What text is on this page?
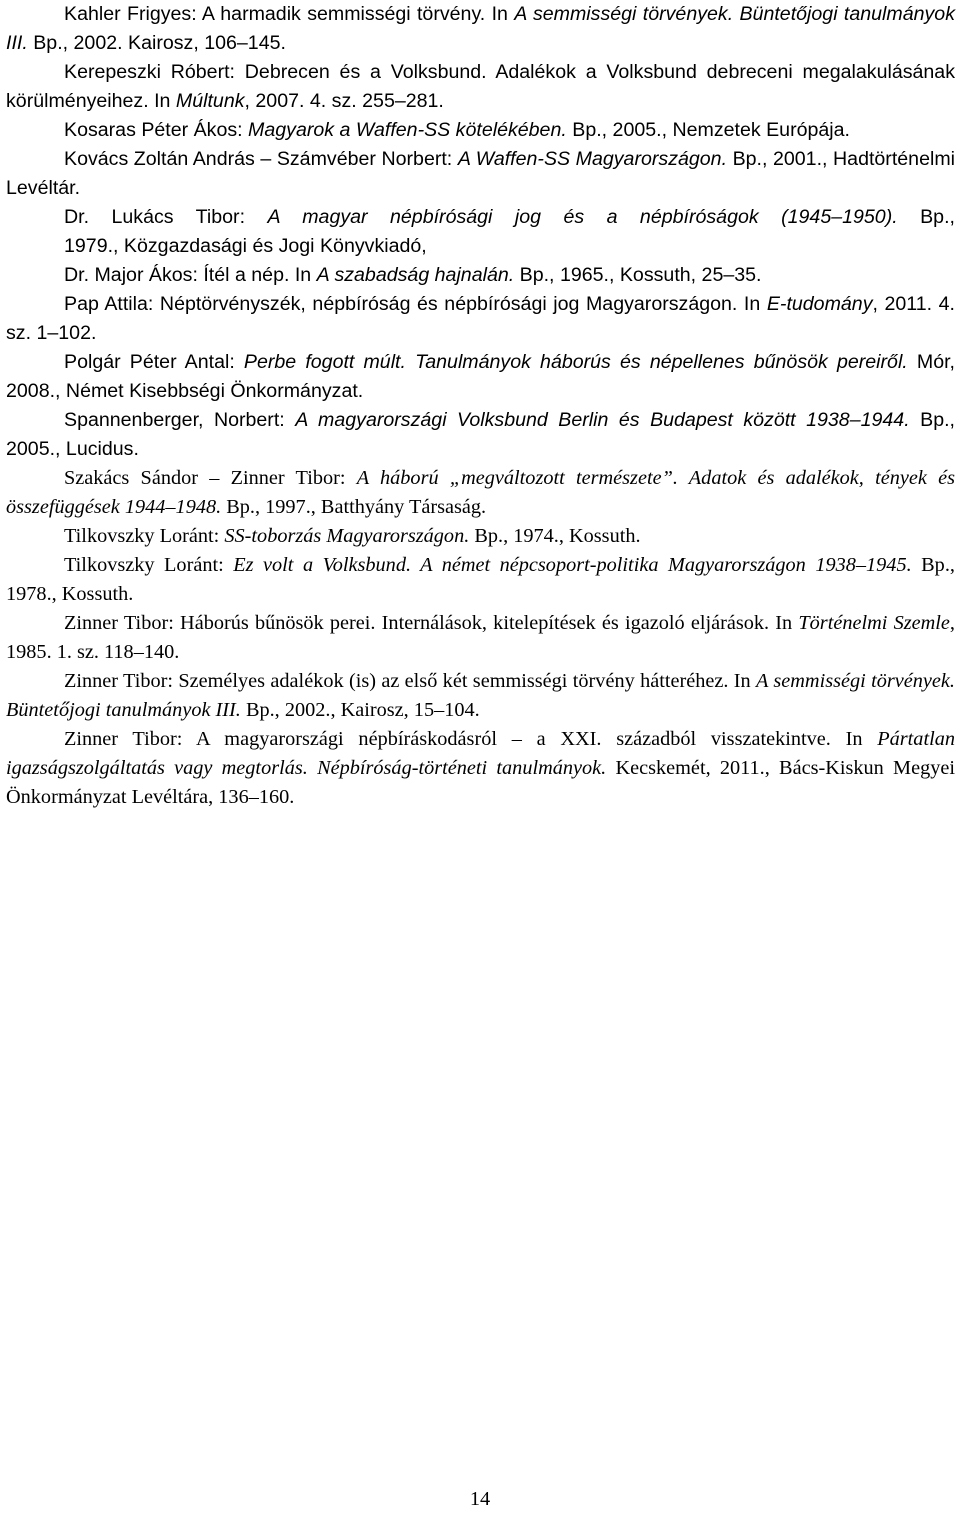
Kahler Frigyes: A harmadik semmisségi törvény. In A semmisségi törvények. Büntetőjogi tanulmányok III. Bp., 2002. Kairosz, 106–145.

Kerepeszki Róbert: Debrecen és a Volksbund. Adalékok a Volksbund debreceni megalakulásának körülményeihez. In Múltunk, 2007. 4. sz. 255–281.

Kosaras Péter Ákos: Magyarok a Waffen-SS kötelékében. Bp., 2005., Nemzetek Európája.

Kovács Zoltán András – Számvéber Norbert: A Waffen-SS Magyarországon. Bp., 2001., Hadtörténelmi Levéltár.

Dr. Lukács Tibor: A magyar népbírósági jog és a népbíróságok (1945–1950). Bp.,

1979., Közgazdasági és Jogi Könyvkiadó,

Dr. Major Ákos: Ítél a nép. In A szabadság hajnalán. Bp., 1965., Kossuth, 25–35.

Pap Attila: Néptörvényszék, népbíróság és népbírósági jog Magyarországon. In E-tudomány, 2011. 4. sz. 1–102.

Polgár Péter Antal: Perbe fogott múlt. Tanulmányok háborús és népellenes bűnösök pereiről. Mór, 2008., Német Kisebbségi Önkormányzat.

Spannenberger, Norbert: A magyarországi Volksbund Berlin és Budapest között 1938–1944. Bp., 2005., Lucidus.

Szakács Sándor – Zinner Tibor: A háború „megváltozott természete”. Adatok és adalékok, tények és összefüggések 1944–1948. Bp., 1997., Batthyány Társaság.

Tilkovszky Loránt: SS-toborzás Magyarországon. Bp., 1974., Kossuth.

Tilkovszky Loránt: Ez volt a Volksbund. A német népcsoport-politika Magyarországon 1938–1945. Bp., 1978., Kossuth.

Zinner Tibor: Háborús bűnösök perei. Internálások, kitelepítések és igazoló eljárások. In Történelmi Szemle, 1985. 1. sz. 118–140.

Zinner Tibor: Személyes adalékok (is) az első két semmisségi törvény hátteréhez. In A semmisségi törvények. Büntetőjogi tanulmányok III. Bp., 2002., Kairosz, 15–104.

Zinner Tibor: A magyarországi népbíráskodásról – a XXI. századból visszatekintve. In Pártatlan igazságszolgáltatás vagy megtorlás. Népbíróság-történeti tanulmányok. Kecskemét, 2011., Bács-Kiskun Megyei Önkormányzat Levéltára, 136–160.

14
